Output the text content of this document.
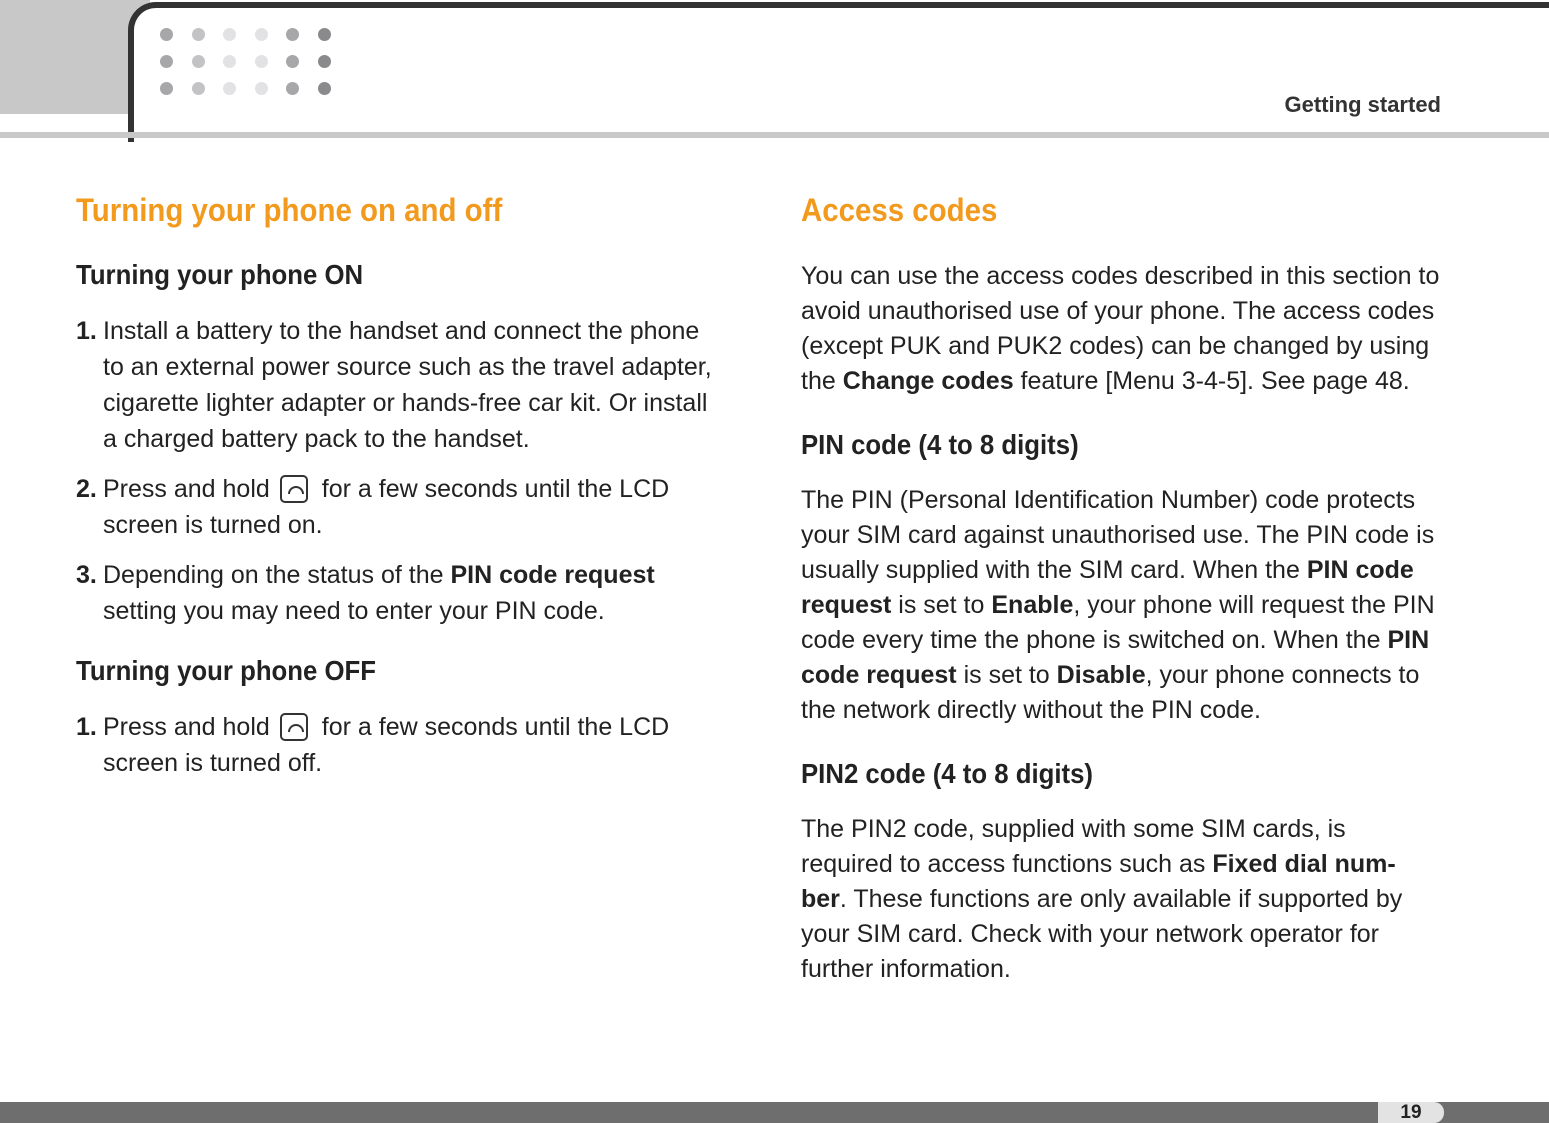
Getting started
Turning your phone on and off
Turning your phone ON
1. Install a battery to the handset and connect the phone to an external power source such as the travel adapter, cigarette lighter adapter or hands-free car kit. Or install a charged battery pack to the handset.
2. Press and hold for a few seconds until the LCD screen is turned on.
3. Depending on the status of the PIN code request setting you may need to enter your PIN code.
Turning your phone OFF
1. Press and hold for a few seconds until the LCD screen is turned off.
Access codes

You can use the access codes described in this section to avoid unauthorised use of your phone. The access codes (except PUK and PUK2 codes) can be changed by using the Change codes feature [Menu 3-4-5]. See page 48.

PIN code (4 to 8 digits)

The PIN (Personal Identification Number) code protects your SIM card against unauthorised use. The PIN code is usually supplied with the SIM card. When the PIN code request is set to Enable, your phone will request the PIN code every time the phone is switched on. When the PIN code request is set to Disable, your phone connects to the network directly without the PIN code.

PIN2 code (4 to 8 digits)

The PIN2 code, supplied with some SIM cards, is required to access functions such as Fixed dial num-ber. These functions are only available if supported by your SIM card. Check with your network operator for further information.

19
